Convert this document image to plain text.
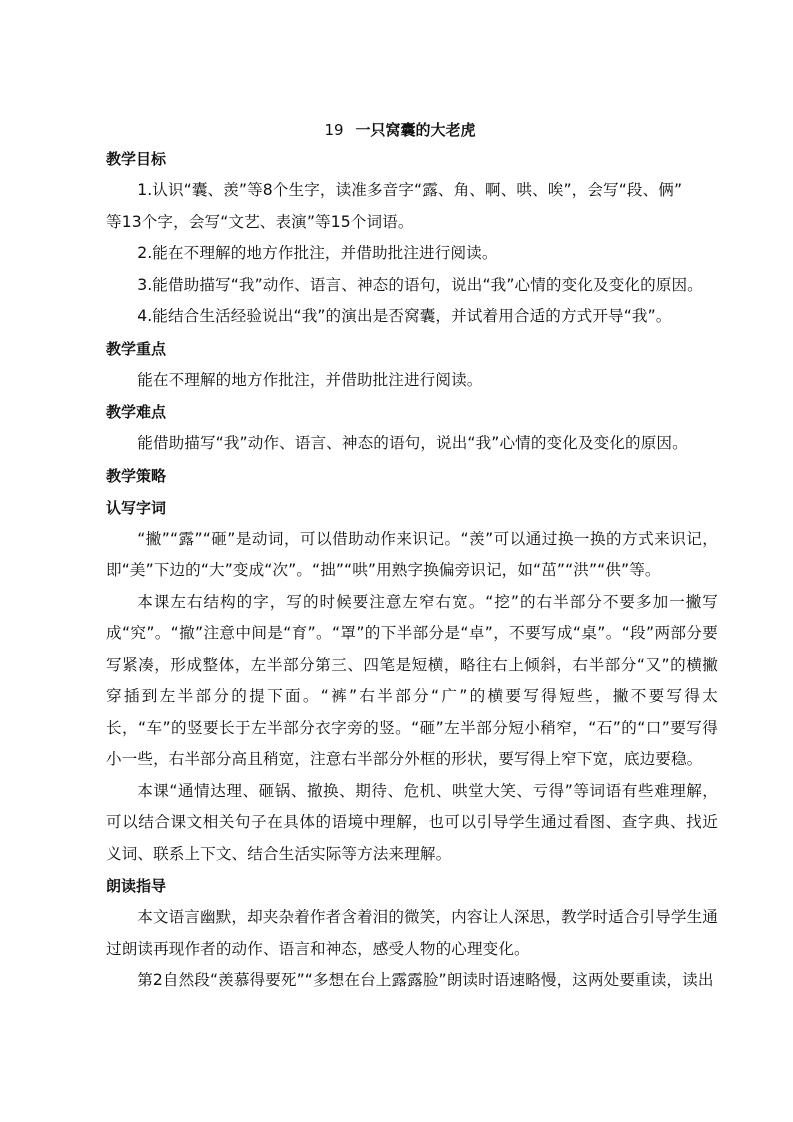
19 一只窝囊的大老虎
教学目标

1.认识“囊、羡”等8个生字，读准多音字“露、角、啊、哄、唉”，会写“段、俩”

等13个字，会写“文艺、表演”等15个词语。

2.能在不理解的地方作批注，并借助批注进行阅读。

3.能借助描写“我”动作、语言、神态的语句，说出“我”心情的变化及变化的原因。

4.能结合生活经验说出“我”的演出是否窝囊，并试着用合适的方式开导“我”。

教学重点

能在不理解的地方作批注，并借助批注进行阅读。

教学难点

能借助描写“我”动作、语言、神态的语句，说出“我”心情的变化及变化的原因。

教学策略
认写字词

“撇”“露”“砸”是动词，可以借助动作来识记。“羡”可以通过换一换的方式来识记，即“美”下边的“大”变成“次”。“拙”“哄”用熟字换偏旁识记，如“茁”“洪”“供”等。

本课左右结构的字，写的时候要注意左窄右宽。“挖”的右半部分不要多加一撇写成“究”。“撤”注意中间是“育”。“罩”的下半部分是“卓”，不要写成“桌”。“段”两部分要写紧凑，形成整体，左半部分第三、四笔是短横，略往右上倾斜，右半部分“又”的横撇穿插到左半部分的提下面。“裤”右半部分“广”的横要写得短些，撇不要写得太长，“车”的竖要长于左半部分衣字旁的竖。“砸”左半部分短小稍窄，“石”的“口”要写得小一些，右半部分高且稍宽，注意右半部分外框的形状，要写得上窄下宽，底边要稳。

本课“通情达理、砸锅、撤换、期待、危机、哄堂大笑、亏得”等词语有些难理解，可以结合课文相关句子在具体的语境中理解，也可以引导学生通过看图、查字典、找近义词、联系上下文、结合生活实际等方法来理解。

朗读指导

本文语言幽默，却夹杂着作者含着泪的微笑，内容让人深思，教学时适合引导学生通过朗读再现作者的动作、语言和神态，感受人物的心理变化。

第2自然段“羡慕得要死”“多想在台上露露脸”朗读时语速略慢，这两处要重读，读出
